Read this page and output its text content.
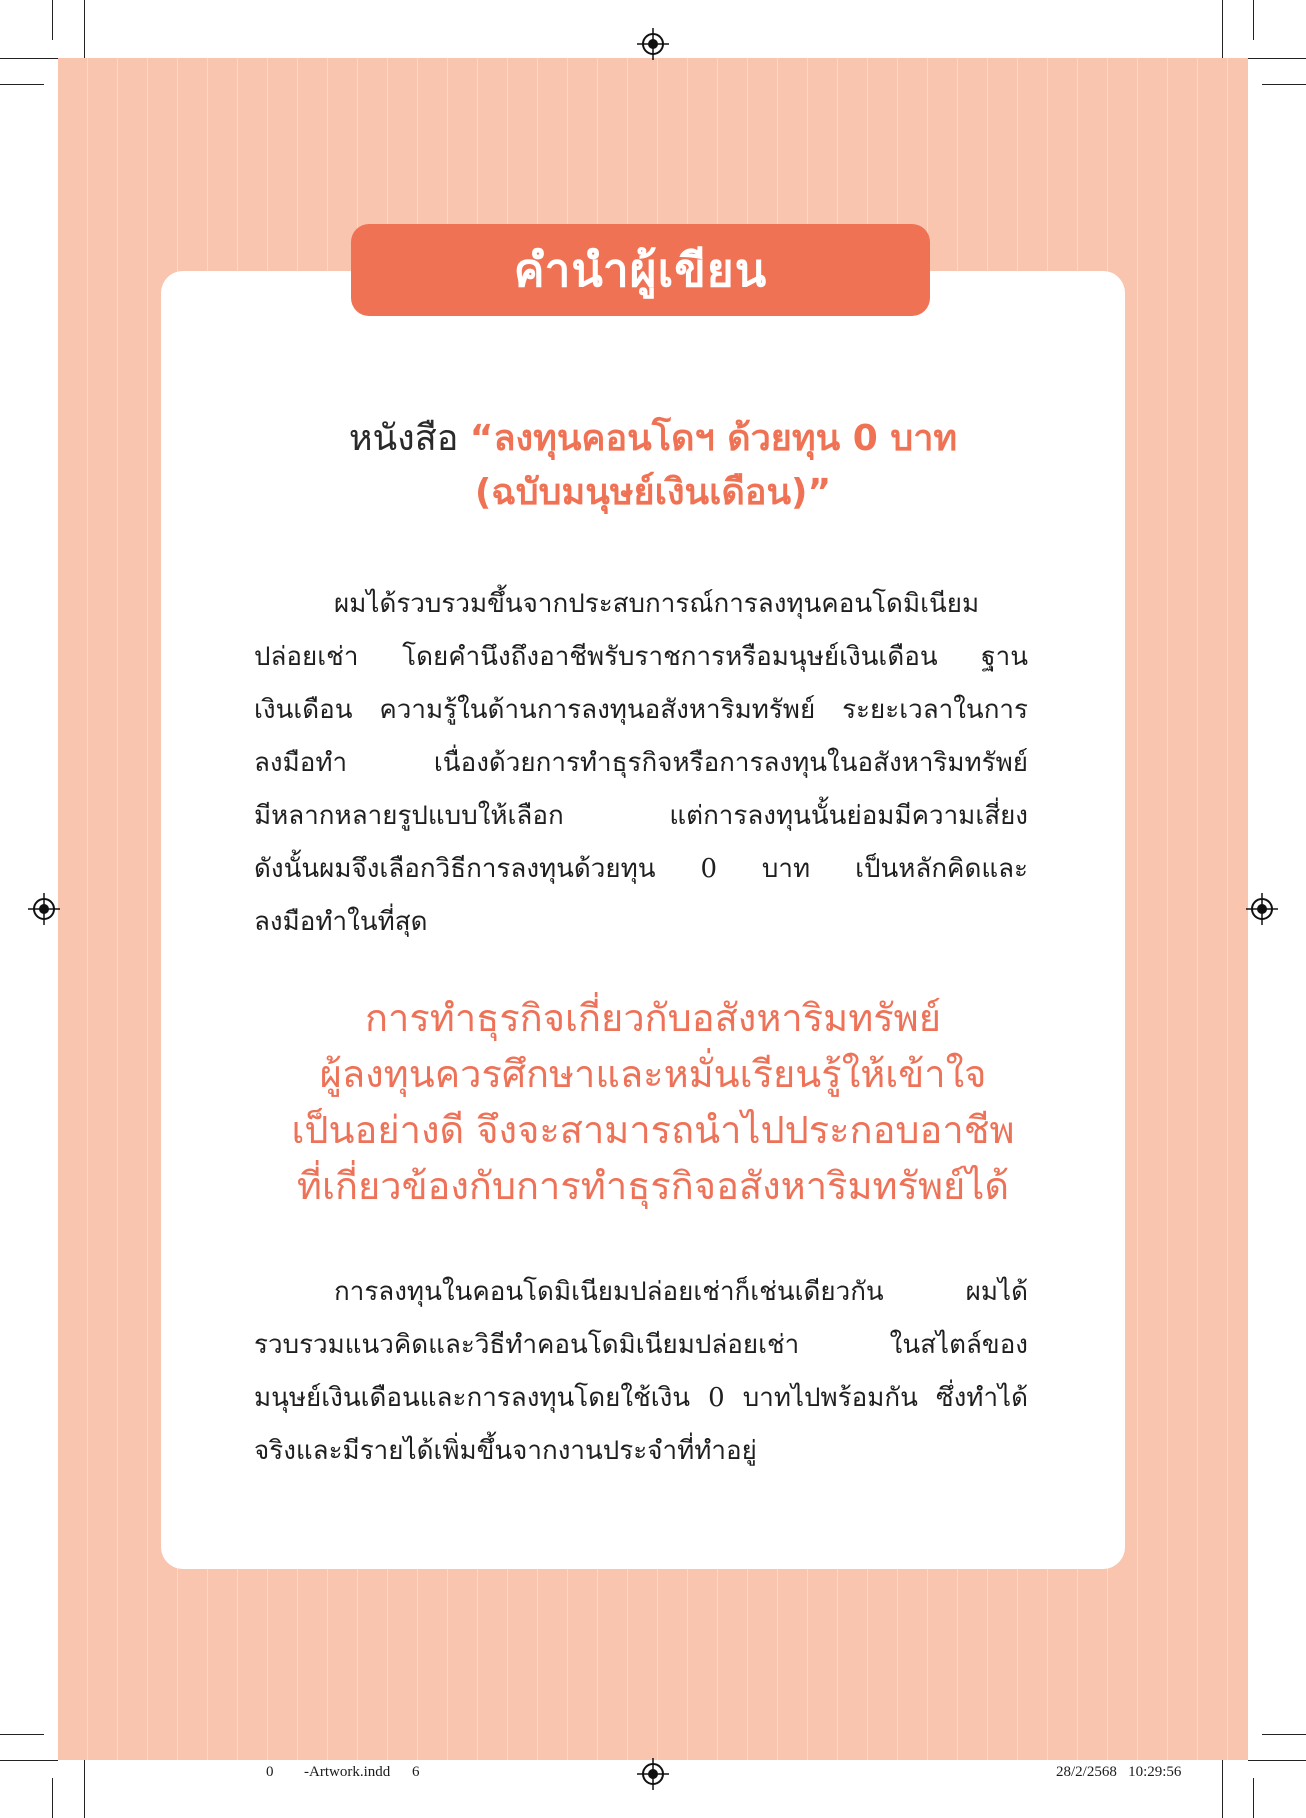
คำนำผู้เขียน
หนังสือ “ลงทุนคอนโดฯ ด้วยทุน 0 บาท
(ฉบับมนุษย์เงินเดือน)”
ผมได้รวบรวมขึ้นจากประสบการณ์การลงทุนคอนโดมิเนียม
ปล่อยเช่า โดยคำนึงถึงอาชีพรับราชการหรือมนุษย์เงินเดือน ฐาน
เงินเดือน ความรู้ในด้านการลงทุนอสังหาริมทรัพย์ ระยะเวลาในการ
ลงมือทำ เนื่องด้วยการทำธุรกิจหรือการลงทุนในอสังหาริมทรัพย์
มีหลากหลายรูปแบบให้เลือก แต่การลงทุนนั้นย่อมมีความเสี่ยง
ดังนั้นผมจึงเลือกวิธีการลงทุนด้วยทุน 0 บาท เป็นหลักคิดและ
ลงมือทำในที่สุด
การทำธุรกิจเกี่ยวกับอสังหาริมทรัพย์
ผู้ลงทุนควรศึกษาและหมั่นเรียนรู้ให้เข้าใจ
เป็นอย่างดี จึงจะสามารถนำไปประกอบอาชีพ
ที่เกี่ยวข้องกับการทำธุรกิจอสังหาริมทรัพย์ได้
การลงทุนในคอนโดมิเนียมปล่อยเช่าก็เช่นเดียวกัน ผมได้
รวบรวมแนวคิดและวิธีทำคอนโดมิเนียมปล่อยเช่า ในสไตล์ของ
มนุษย์เงินเดือนและการลงทุนโดยใช้เงิน 0 บาทไปพร้อมกัน ซึ่งทำได้
จริงและมีรายได้เพิ่มขึ้นจากงานประจำที่ทำอยู่
0 -Artwork.indd 6	28/2/2568   10:29:56
